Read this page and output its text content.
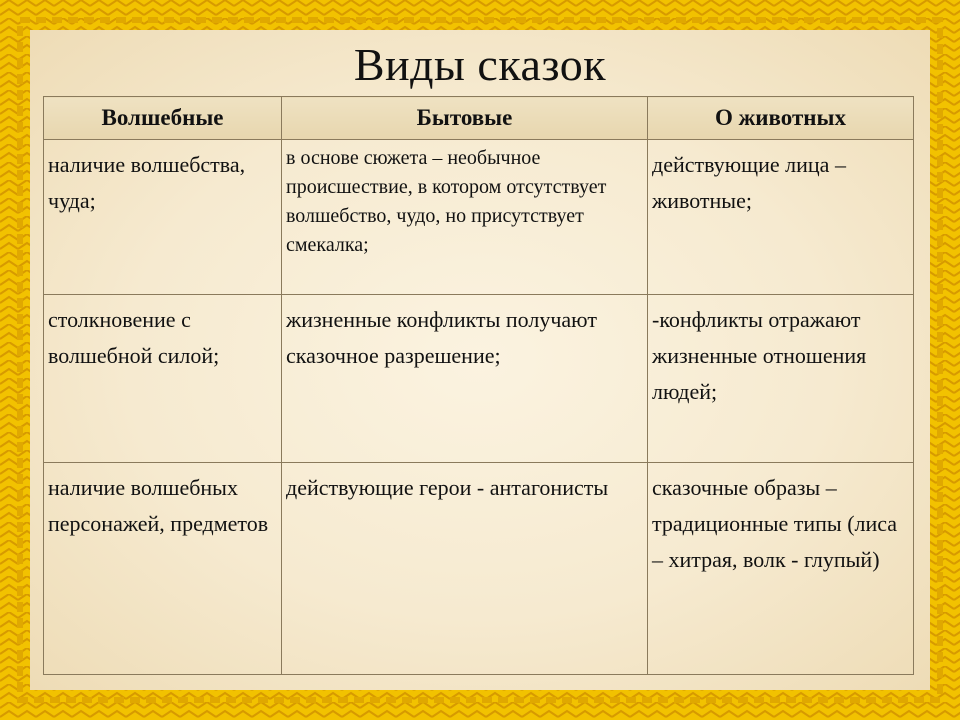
Виды сказок
Волшебные	Бытовые	О животных
наличие волшебства, чуда;	в основе сюжета – необычное происшествие, в котором отсутствует волшебство, чудо, но присутствует смекалка;	действующие лица – животные;
столкновение с волшебной силой;	жизненные конфликты получают сказочное разрешение;	-конфликты отражают жизненные отношения людей;
наличие волшебных персонажей, предметов	действующие герои - антагонисты	сказочные образы – традиционные типы (лиса – хитрая, волк - глупый)
